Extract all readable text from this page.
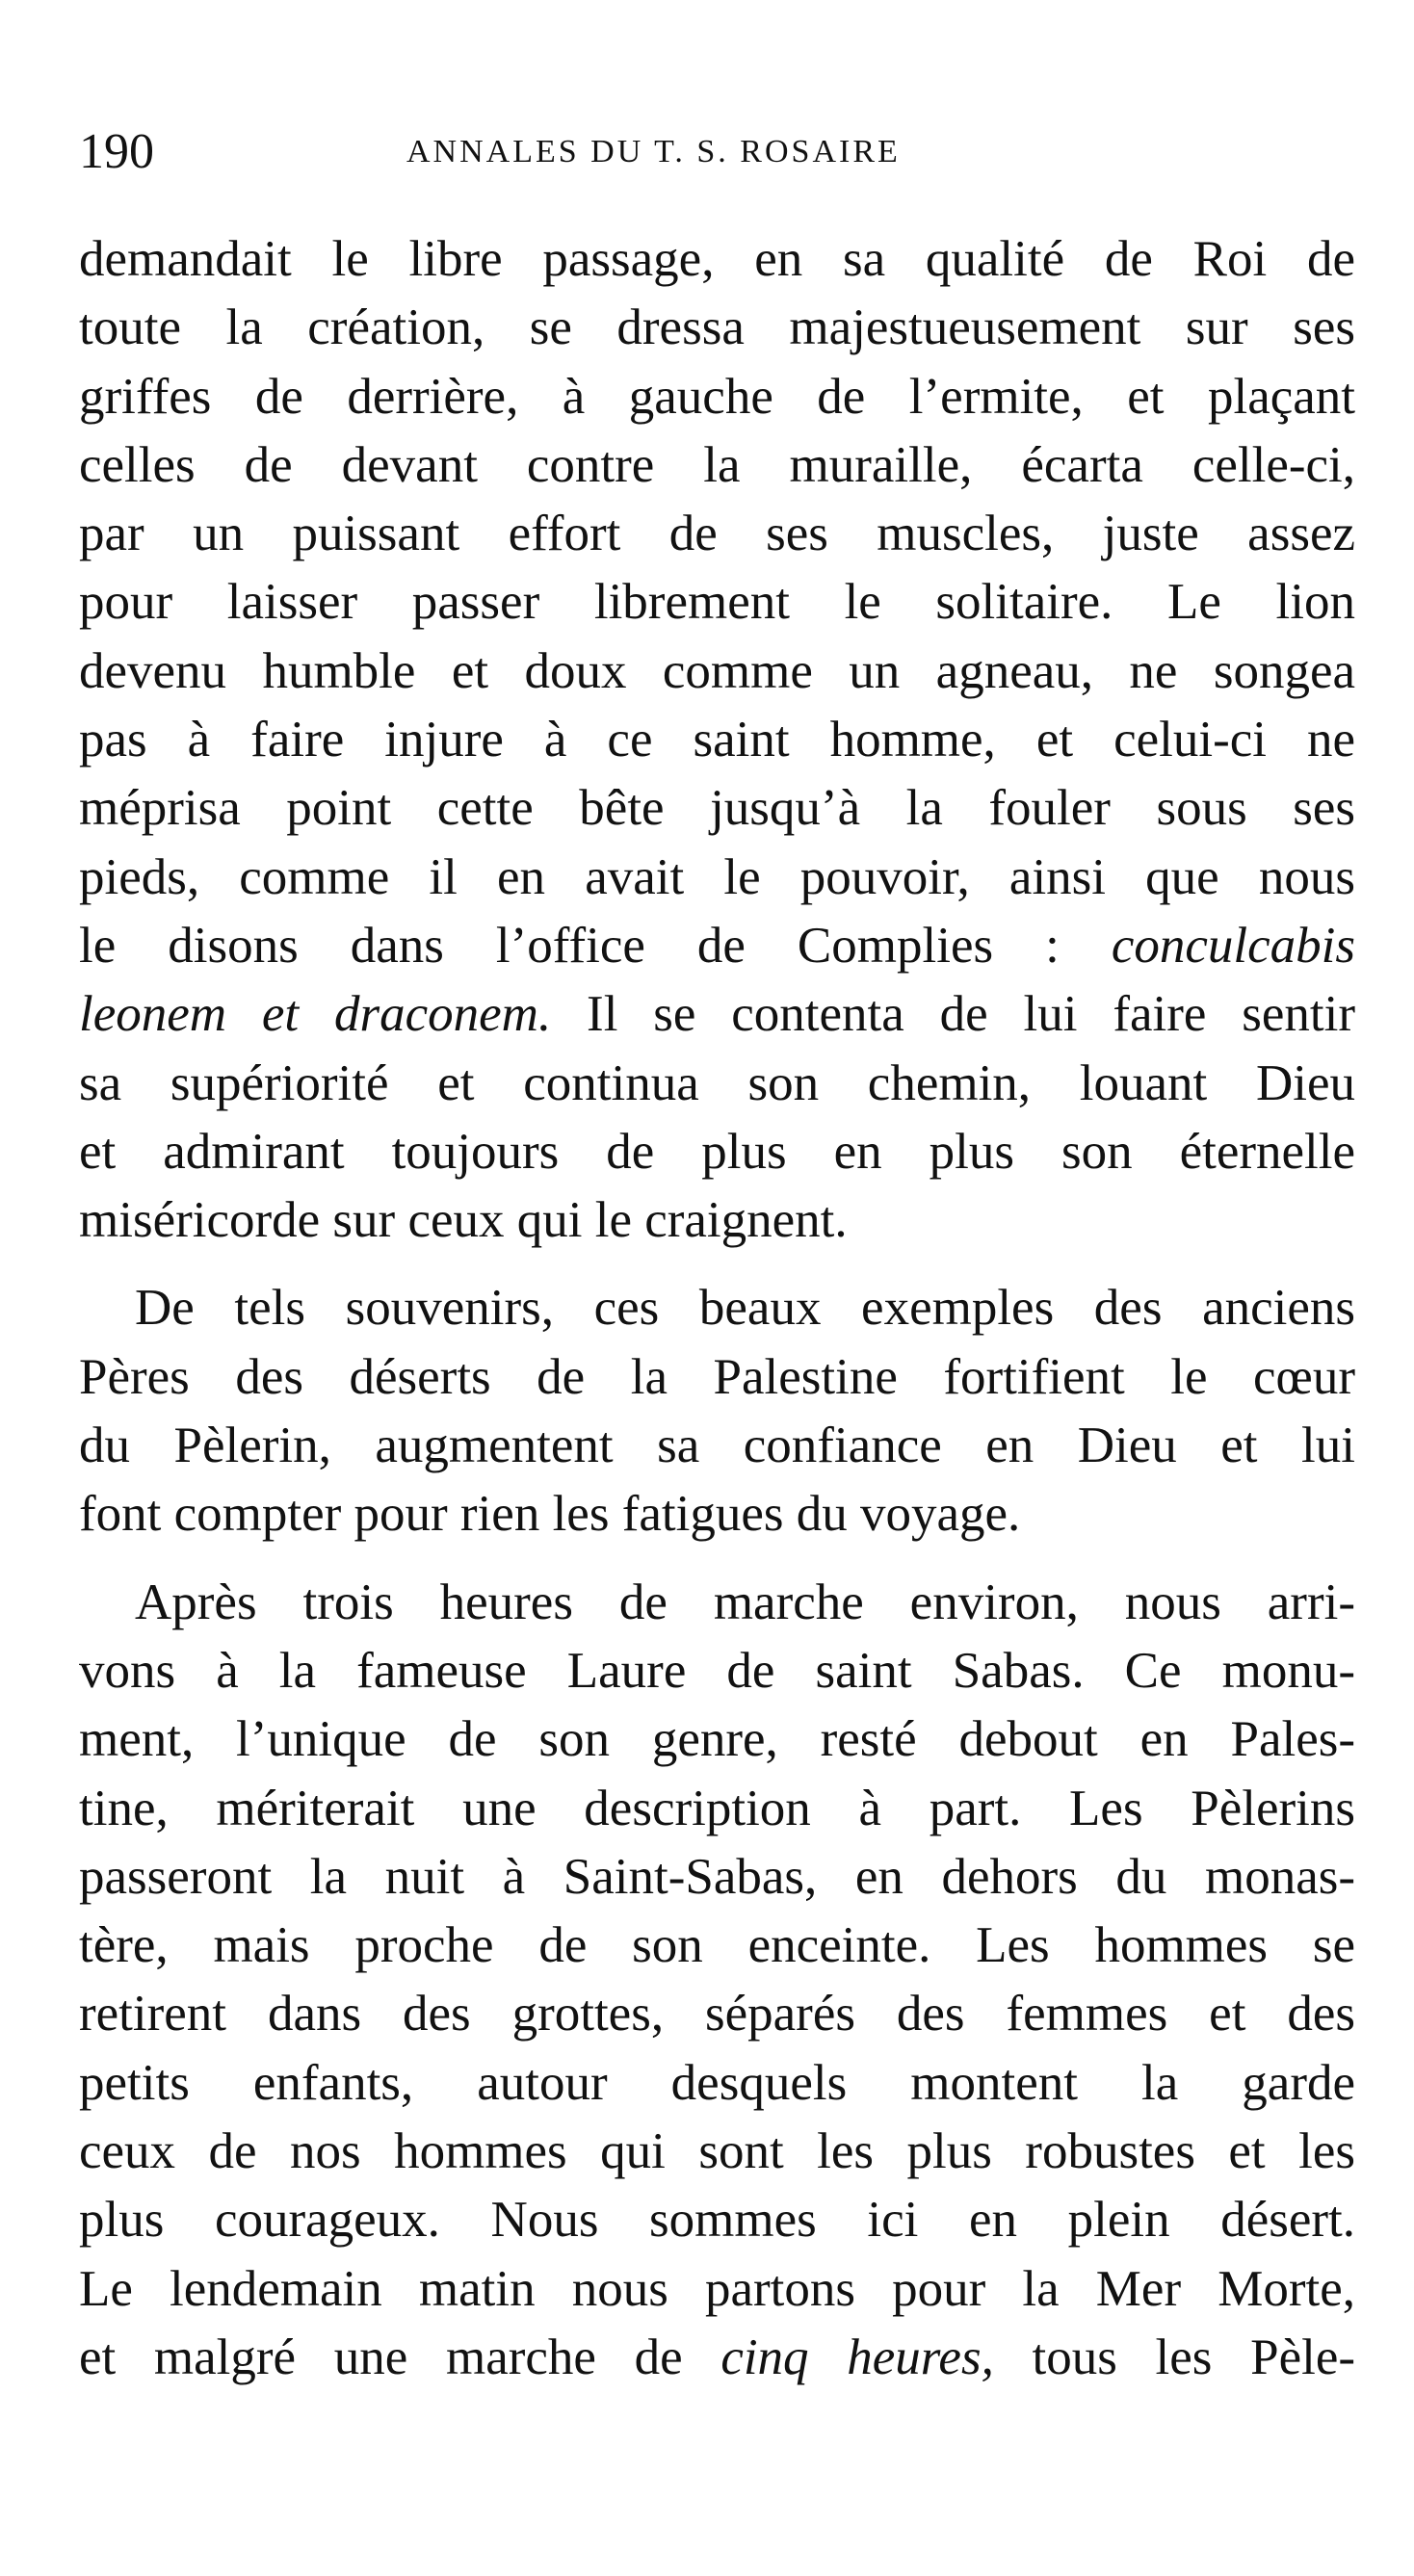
190	ANNALES DU T. S. ROSAIRE
demandait le libre passage, en sa qualité de Roi de
toute la création, se dressa majestueusement sur ses
griffes de derrière, à gauche de l’ermite, et plaçant
celles de devant contre la muraille, écarta celle-ci,
par un puissant effort de ses muscles, juste assez
pour laisser passer librement le solitaire. Le lion
devenu humble et doux comme un agneau, ne songea
pas à faire injure à ce saint homme, et celui-ci ne
méprisa point cette bête jusqu’à la fouler sous ses
pieds, comme il en avait le pouvoir, ainsi que nous
le disons dans l’office de Complies : conculcabis
leonem et draconem. Il se contenta de lui faire sentir
sa supériorité et continua son chemin, louant Dieu
et admirant toujours de plus en plus son éternelle
miséricorde sur ceux qui le craignent.
De tels souvenirs, ces beaux exemples des anciens
Pères des déserts de la Palestine fortifient le cœur
du Pèlerin, augmentent sa confiance en Dieu et lui
font compter pour rien les fatigues du voyage.
Après trois heures de marche environ, nous arri-
vons à la fameuse Laure de saint Sabas. Ce monu-
ment, l’unique de son genre, resté debout en Pales-
tine, mériterait une description à part. Les Pèlerins
passeront la nuit à Saint-Sabas, en dehors du monas-
tère, mais proche de son enceinte. Les hommes se
retirent dans des grottes, séparés des femmes et des
petits enfants, autour desquels montent la garde
ceux de nos hommes qui sont les plus robustes et les
plus courageux. Nous sommes ici en plein désert.
Le lendemain matin nous partons pour la Mer Morte,
et malgré une marche de cinq heures, tous les Pèle-
